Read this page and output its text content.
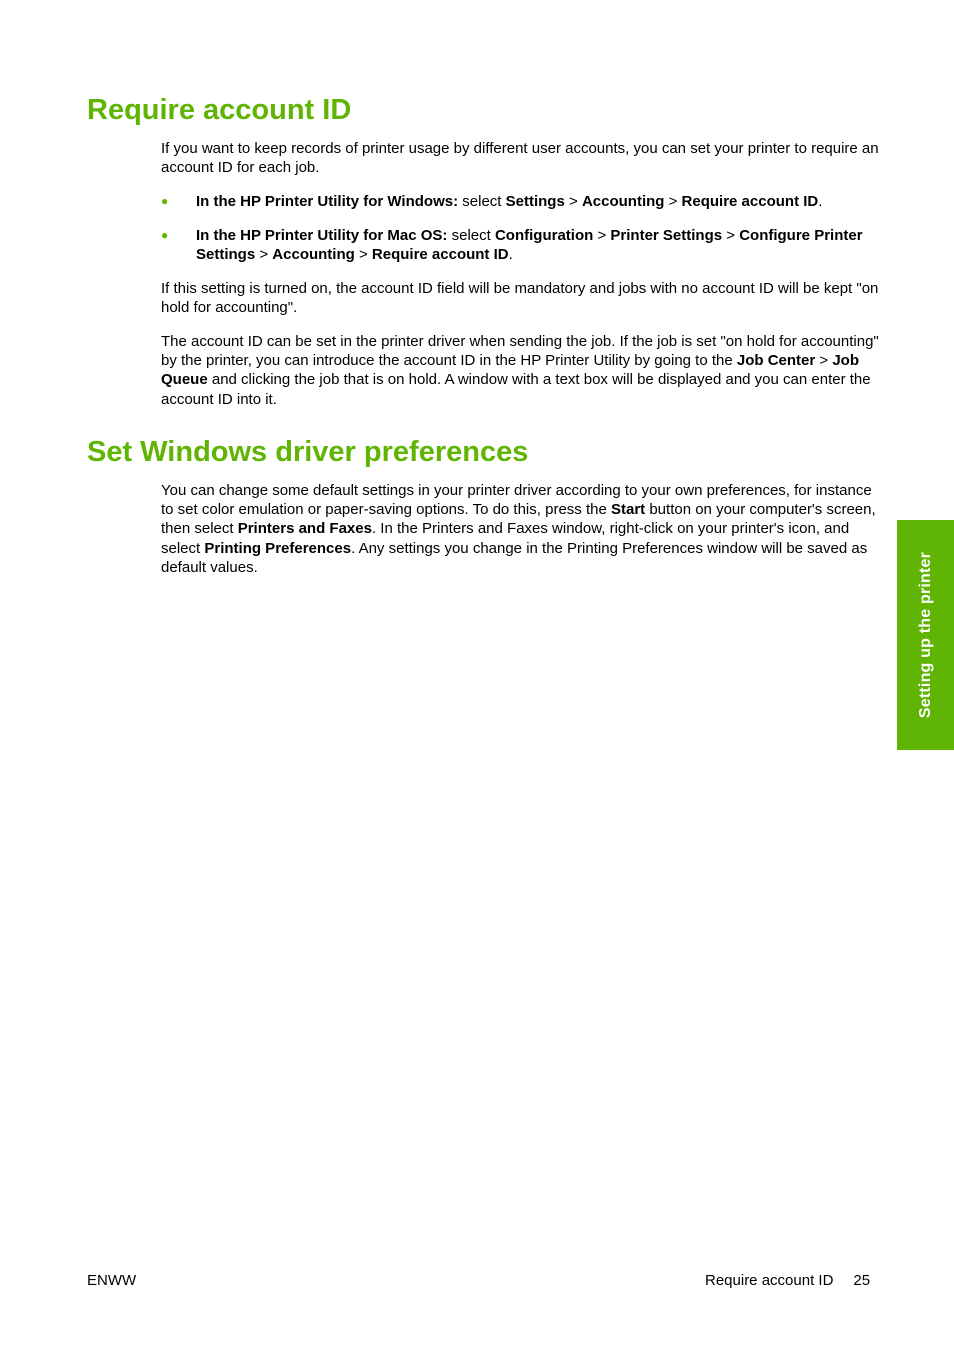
Require account ID

If you want to keep records of printer usage by different user accounts, you can set your printer to require an account ID for each job.

●	In the HP Printer Utility for Windows: select Settings > Accounting > Require account ID.
●	In the HP Printer Utility for Mac OS: select Configuration > Printer Settings > Configure Printer Settings > Accounting > Require account ID.

If this setting is turned on, the account ID field will be mandatory and jobs with no account ID will be kept "on hold for accounting".

The account ID can be set in the printer driver when sending the job. If the job is set "on hold for accounting" by the printer, you can introduce the account ID in the HP Printer Utility by going to the Job Center > Job Queue and clicking the job that is on hold. A window with a text box will be displayed and you can enter the account ID into it.

Set Windows driver preferences

You can change some default settings in your printer driver according to your own preferences, for instance to set color emulation or paper-saving options. To do this, press the Start button on your computer's screen, then select Printers and Faxes. In the Printers and Faxes window, right-click on your printer's icon, and select Printing Preferences. Any settings you change in the Printing Preferences window will be saved as default values.	Setting up the printer
ENWW	Require account ID 25
